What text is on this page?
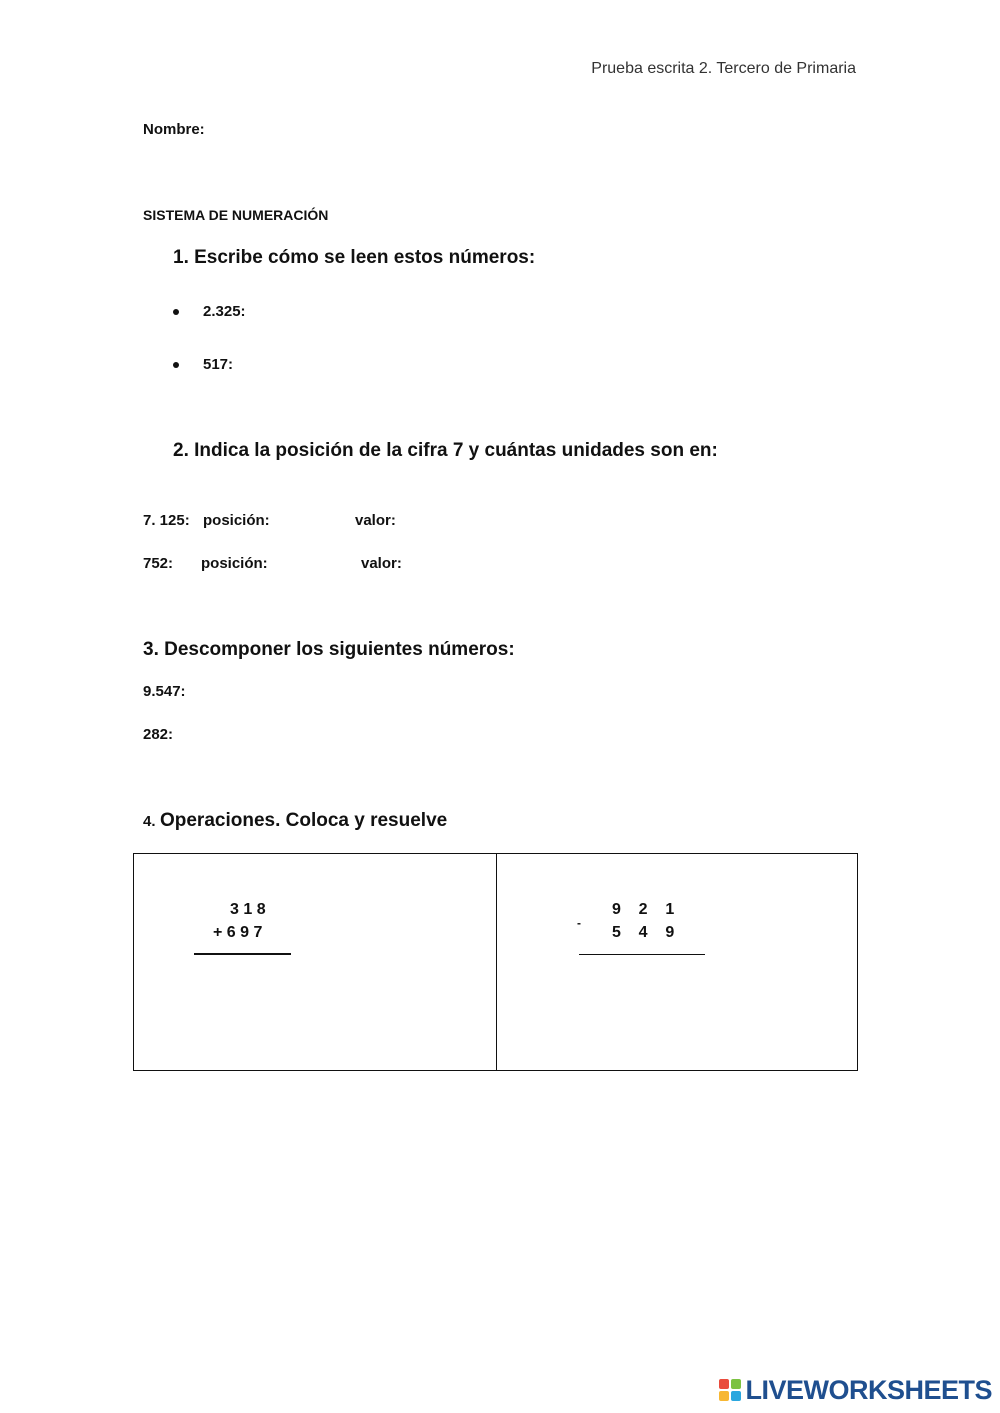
Prueba escrita 2. Tercero de Primaria
Nombre:
SISTEMA DE NUMERACIÓN
1. Escribe cómo se leen estos números:
2.325:
517:
2. Indica la posición de la cifra 7 y cuántas unidades son en:
7. 125: posición:	valor:
752: posición:	valor:
3. Descomponer los siguientes números:
9.547:
282:
4. Operaciones. Coloca y resuelve
3 1 8
+ 6 9 7
-
9    2    1
5    4    9
LIVEWORKSHEETS
